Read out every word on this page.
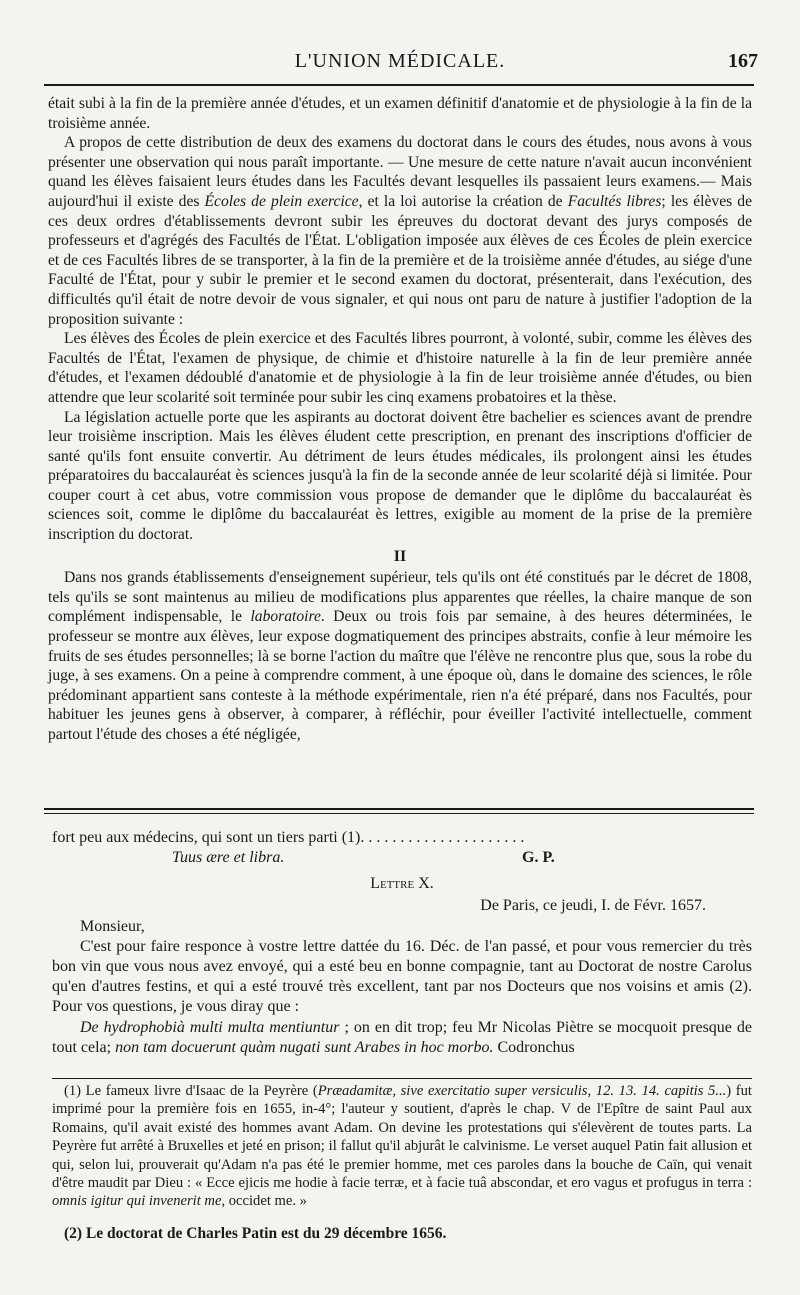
L'UNION MÉDICALE.	167

était subi à la fin de la première année d'études, et un examen définitif d'anatomie et de physiologie à la fin de la troisième année.

A propos de cette distribution de deux des examens du doctorat dans le cours des études, nous avons à vous présenter une observation qui nous paraît importante. — Une mesure de cette nature n'avait aucun inconvénient quand les élèves faisaient leurs études dans les Facultés devant lesquelles ils passaient leurs examens.— Mais aujourd'hui il existe des Écoles de plein exercice, et la loi autorise la création de Facultés libres; les élèves de ces deux ordres d'établissements devront subir les épreuves du doctorat devant des jurys composés de professeurs et d'agrégés des Facultés de l'État. L'obligation imposée aux élèves de ces Écoles de plein exercice et de ces Facultés libres de se transporter, à la fin de la première et de la troisième année d'études, au siége d'une Faculté de l'État, pour y subir le premier et le second examen du doctorat, présenterait, dans l'exécution, des difficultés qu'il était de notre devoir de vous signaler, et qui nous ont paru de nature à justifier l'adoption de la proposition suivante :

Les élèves des Écoles de plein exercice et des Facultés libres pourront, à volonté, subir, comme les élèves des Facultés de l'État, l'examen de physique, de chimie et d'histoire naturelle à la fin de leur première année d'études, et l'examen dédoublé d'anatomie et de physiologie à la fin de leur troisième année d'études, ou bien attendre que leur scolarité soit terminée pour subir les cinq examens probatoires et la thèse.

La législation actuelle porte que les aspirants au doctorat doivent être bachelier es sciences avant de prendre leur troisième inscription. Mais les élèves éludent cette prescription, en prenant des inscriptions d'officier de santé qu'ils font ensuite convertir. Au détriment de leurs études médicales, ils prolongent ainsi les études préparatoires du baccalauréat ès sciences jusqu'à la fin de la seconde année de leur scolarité déjà si limitée. Pour couper court à cet abus, votre commission vous propose de demander que le diplôme du baccalauréat ès sciences soit, comme le diplôme du baccalauréat ès lettres, exigible au moment de la prise de la première inscription du doctorat.

II

Dans nos grands établissements d'enseignement supérieur, tels qu'ils ont été constitués par le décret de 1808, tels qu'ils se sont maintenus au milieu de modifications plus apparentes que réelles, la chaire manque de son complément indispensable, le laboratoire. Deux ou trois fois par semaine, à des heures déterminées, le professeur se montre aux élèves, leur expose dogmatiquement des principes abstraits, confie à leur mémoire les fruits de ses études personnelles; là se borne l'action du maître que l'élève ne rencontre plus que, sous la robe du juge, à ses examens. On a peine à comprendre comment, à une époque où, dans le domaine des sciences, le rôle prédominant appartient sans conteste à la méthode expérimentale, rien n'a été préparé, dans nos Facultés, pour habituer les jeunes gens à observer, à comparer, à réfléchir, pour éveiller l'activité intellectuelle, comment partout l'étude des choses a été négligée,

fort peu aux médecins, qui sont un tiers parti (1). . . . . . . . . . . . . . . . . . . . .

Tuus ære et libra.	G. P.
Lettre X.
De Paris, ce jeudi, I. de Févr. 1657.
Monsieur,

C'est pour faire responce à vostre lettre dattée du 16. Déc. de l'an passé, et pour vous remercier du très bon vin que vous nous avez envoyé, qui a esté beu en bonne compagnie, tant au Doctorat de nostre Carolus qu'en d'autres festins, et qui a esté trouvé très excellent, tant par nos Docteurs que nos voisins et amis (2). Pour vos questions, je vous diray que :

De hydrophobià multi multa mentiuntur ; on en dit trop; feu Mr Nicolas Piètre se mocquoit presque de tout cela; non tam docuerunt quàm nugati sunt Arabes in hoc morbo. Codronchus

(1) Le fameux livre d'Isaac de la Peyrère (Præadamitæ, sive exercitatio super versiculis, 12. 13. 14. capitis 5...) fut imprimé pour la première fois en 1655, in-4°; l'auteur y soutient, d'après le chap. V de l'Epître de saint Paul aux Romains, qu'il avait existé des hommes avant Adam. On devine les protestations qui s'élevèrent de toutes parts. La Peyrère fut arrêté à Bruxelles et jeté en prison; il fallut qu'il abjurât le calvinisme. Le verset auquel Patin fait allusion et qui, selon lui, prouverait qu'Adam n'a pas été le premier homme, met ces paroles dans la bouche de Caïn, qui venait d'être maudit par Dieu : « Ecce ejicis me hodie à facie terræ, et à facie tuâ abscondar, et ero vagus et profugus in terra : omnis igitur qui invenerit me, occidet me. »

(2) Le doctorat de Charles Patin est du 29 décembre 1656.
